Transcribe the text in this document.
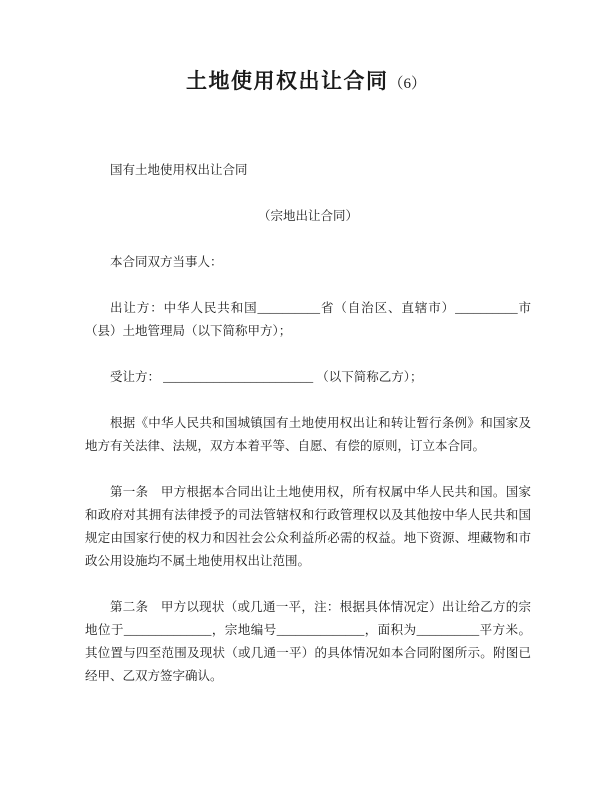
土地使用权出让合同（6）

国有土地使用权出让合同

（宗地出让合同）

本合同双方当事人：

出让方：中华人民共和国__________省（自治区、直辖市）__________市（县）土地管理局（以下简称甲方）；

受让方： ________________________ （以下简称乙方）；

根据《中华人民共和国城镇国有土地使用权出让和转让暂行条例》和国家及地方有关法律、法规，双方本着平等、自愿、有偿的原则，订立本合同。

第一条 甲方根据本合同出让土地使用权，所有权属中华人民共和国。国家和政府对其拥有法律授予的司法管辖权和行政管理权以及其他按中华人民共和国规定由国家行使的权力和因社会公众利益所必需的权益。地下资源、埋藏物和市政公用设施均不属土地使用权出让范围。

第二条 甲方以现状（或几通一平，注：根据具体情况定）出让给乙方的宗地位于______________，宗地编号______________，面积为__________平方米。其位置与四至范围及现状（或几通一平）的具体情况如本合同附图所示。附图已经甲、乙双方签字确认。
